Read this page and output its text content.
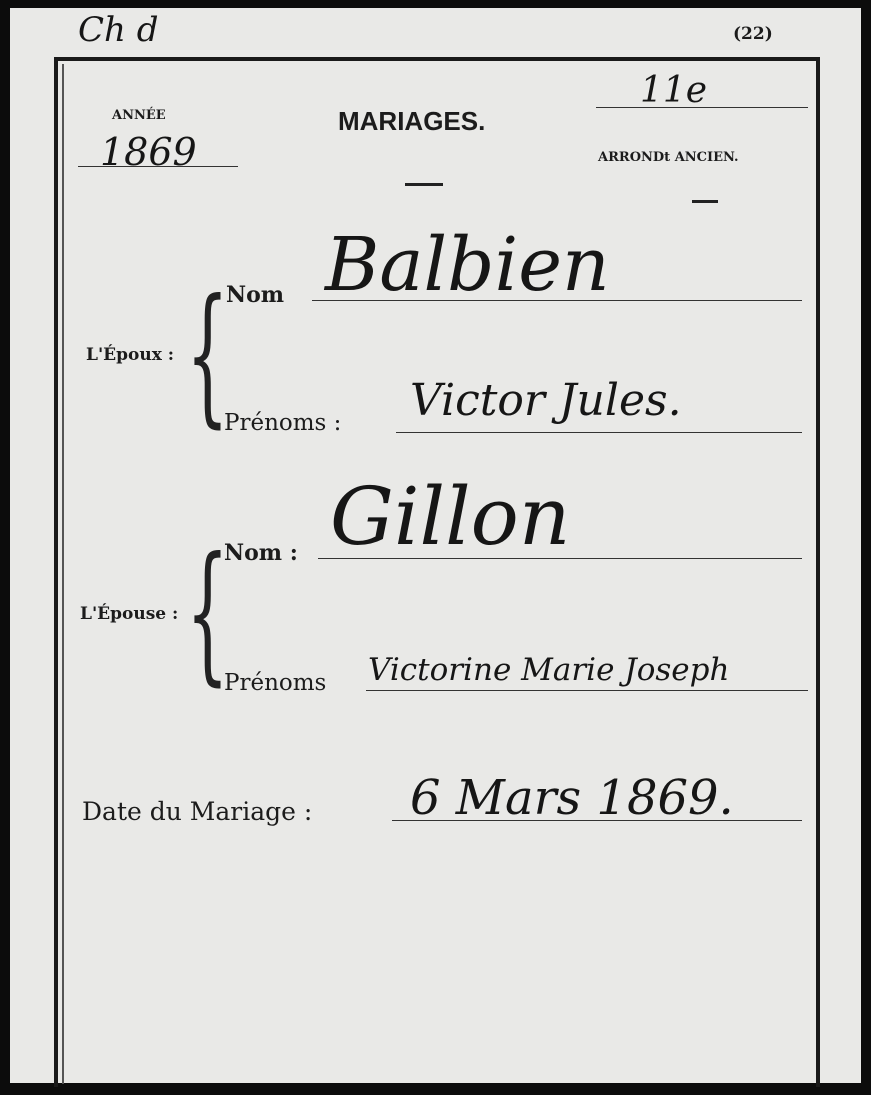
Ch d	(22)
ANNÉE
1869
MARIAGES.
11e
ARRONDt ANCIEN.
L'Époux : {
Nom Balbien
Prénoms : Victor Jules.
L'Épouse : {
Nom : Gillon
Prénoms Victorine Marie Joseph
Date du Mariage : 6 Mars 1869.
